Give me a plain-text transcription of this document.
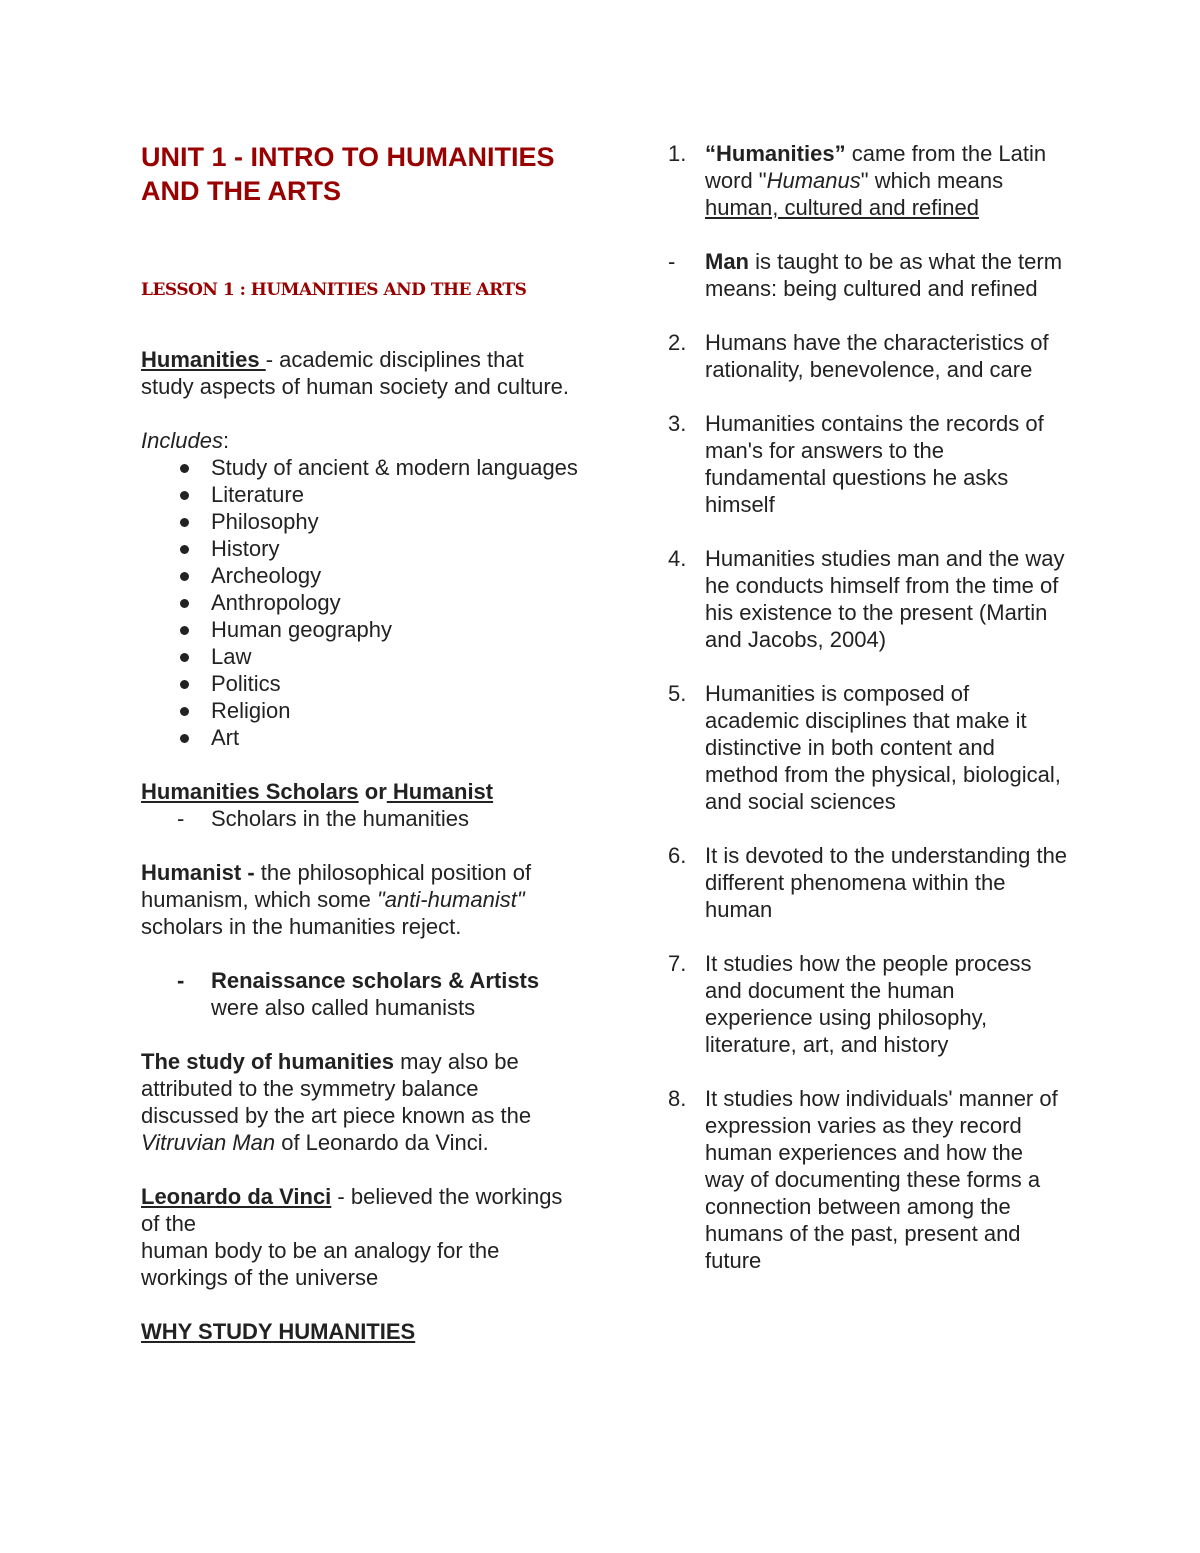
UNIT 1 - INTRO TO HUMANITIES AND THE ARTS
LESSON 1 : HUMANITIES AND THE ARTS

Humanities - academic disciplines that study aspects of human society and culture.

Includes:

Study of ancient & modern languages
Literature
Philosophy
History
Archeology
Anthropology
Human geography
Law
Politics
Religion
Art

Humanities Scholars or Humanist

- Scholars in the humanities

Humanist - the philosophical position of humanism, which some "anti-humanist" scholars in the humanities reject.

- Renaissance scholars & Artists
were also called humanists

The study of humanities may also be attributed to the symmetry balance discussed by the art piece known as the Vitruvian Man of Leonardo da Vinci.

Leonardo da Vinci - believed the workings of the
human body to be an analogy for the workings of the universe

WHY STUDY HUMANITIES

1. “Humanities” came from the Latin word "Humanus" which means human, cultured and refined
- Man is taught to be as what the term means: being cultured and refined
2. Humans have the characteristics of rationality, benevolence, and care
3. Humanities contains the records of man's for answers to the fundamental questions he asks himself
4. Humanities studies man and the way he conducts himself from the time of his existence to the present (Martin and Jacobs, 2004)
5. Humanities is composed of academic disciplines that make it distinctive in both content and method from the physical, biological, and social sciences
6. It is devoted to the understanding the different phenomena within the human
7. It studies how the people process and document the human experience using philosophy, literature, art, and history
8. It studies how individuals' manner of expression varies as they record human experiences and how the way of documenting these forms a connection between among the humans of the past, present and future
